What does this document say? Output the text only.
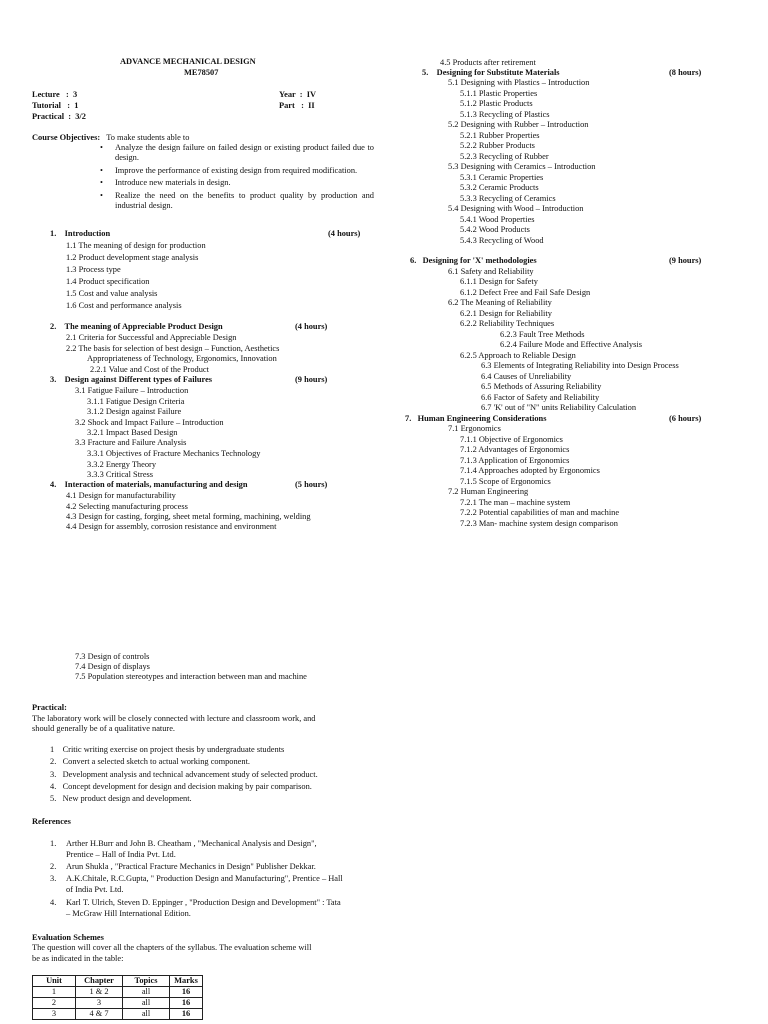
ADVANCE MECHANICAL DESIGN
ME78507
Lecture   :  3
Tutorial   :  1
Practical  :  3/2
Year  :  IV
Part   :  II
Course Objectives: To make students able to
• Analyze the design failure on failed design or existing product failed due to design.
• Improve the performance of existing design from required modification.
• Introduce new materials in design.
• Realize the need on the benefits to product quality by production and industrial design.
1.    Introduction	(4 hours)
1.1 The meaning of design for production
1.2 Product development stage analysis
1.3 Process type
1.4 Product specification
1.5 Cost and value analysis
1.6 Cost and performance analysis
2.    The meaning of Appreciable Product Design	(4 hours)
2.1 Criteria for Successful and Appreciable Design
2.2 The basis for selection of best design – Function, Aesthetics
Appropriateness of Technology, Ergonomics, Innovation
2.2.1 Value and Cost of the Product
3.    Design against Different types of Failures	(9 hours)
3.1 Fatigue Failure – Introduction
3.1.1 Fatigue Design Criteria
3.1.2 Design against Failure
3.2 Shock and Impact Failure – Introduction
3.2.1 Impact Based Design
3.3 Fracture and Failure Analysis
3.3.1 Objectives of Fracture Mechanics Technology
3.3.2 Energy Theory
3.3.3 Critical Stress
4.    Interaction of materials, manufacturing and design	(5 hours)
4.1 Design for manufacturability
4.2 Selecting manufacturing process
4.3 Design for casting, forging, sheet metal forming, machining, welding
4.4 Design for assembly, corrosion resistance and environment
7.3 Design of controls
7.4 Design of displays
7.5 Population stereotypes and interaction between man and machine
4.5 Products after retirement
5.    Designing for Substitute Materials	(8 hours)
5.1 Designing with Plastics – Introduction
5.1.1 Plastic Properties
5.1.2 Plastic Products
5.1.3 Recycling of Plastics
5.2 Designing with Rubber – Introduction
5.2.1 Rubber Properties
5.2.2 Rubber Products
5.2.3 Recycling of Rubber
5.3 Designing with Ceramics – Introduction
5.3.1 Ceramic Properties
5.3.2 Ceramic Products
5.3.3 Recycling of Ceramics
5.4 Designing with Wood – Introduction
5.4.1 Wood Properties
5.4.2 Wood Products
5.4.3 Recycling of Wood
6.   Designing for 'X' methodologies	(9 hours)
6.1 Safety and Reliability
6.1.1 Design for Safety
6.1.2 Defect Free and Fail Safe Design
6.2 The Meaning of Reliability
6.2.1 Design for Reliability
6.2.2 Reliability Techniques
6.2.3 Fault Tree Methods
6.2.4 Failure Mode and Effective Analysis
6.2.5 Approach to Reliable Design
6.3 Elements of Integrating Reliability into Design Process
6.4 Causes of Unreliability
6.5 Methods of Assuring Reliability
6.6 Factor of Safety and Reliability
6.7 'K' out of "N" units Reliability Calculation
7.   Human Engineering Considerations	(6 hours)
7.1 Ergonomics
7.1.1 Objective of Ergonomics
7.1.2 Advantages of Ergonomics
7.1.3 Application of Ergonomics
7.1.4 Approaches adopted by Ergonomics
7.1.5 Scope of Ergonomics
7.2 Human Engineering
7.2.1 The man – machine system
7.2.2 Potential capabilities of man and machine
7.2.3 Man- machine system design comparison
Practical:
The laboratory work will be closely connected with lecture and classroom work, and
should generally be of a qualitative nature.
1    Critic writing exercise on project thesis by undergraduate students
2.   Convert a selected sketch to actual working component.
3.   Development analysis and technical advancement study of selected product.
4.   Concept development for design and decision making by pair comparison.
5.   New product design and development.
References
1. Arther H.Burr and John B. Cheatham , "Mechanical Analysis and Design",
Prentice – Hall of India Pvt. Ltd.
2. Arun Shukla , "Practical Fracture Mechanics in Design" Publisher Dekkar.
3. A.K.Chitale, R.C.Gupta, " Production Design and Manufacturing", Prentice – Hall
of India Pvt. Ltd.
4. Karl T. Ulrich, Steven D. Eppinger , "Production Design and Development" : Tata
– McGraw Hill International Edition.
Evaluation Schemes
The question will cover all the chapters of the syllabus. The evaluation scheme will
be as indicated in the table:
Unit	Chapter	Topics	Marks
1	1 & 2	all	16
2	3	all	16
3	4 & 7	all	16
